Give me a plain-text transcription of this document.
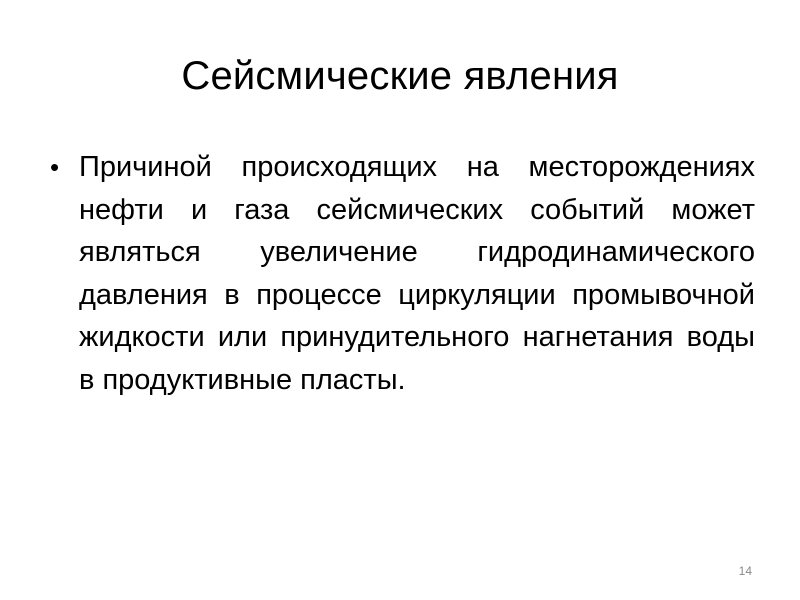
Сейсмические явления
• Причиной происходящих на месторождениях нефти и газа сейсмических событий может являться увеличение гидродинамического давления в процессе циркуляции промывочной жидкости или принудительного нагнетания воды в продуктивные пласты.
14
